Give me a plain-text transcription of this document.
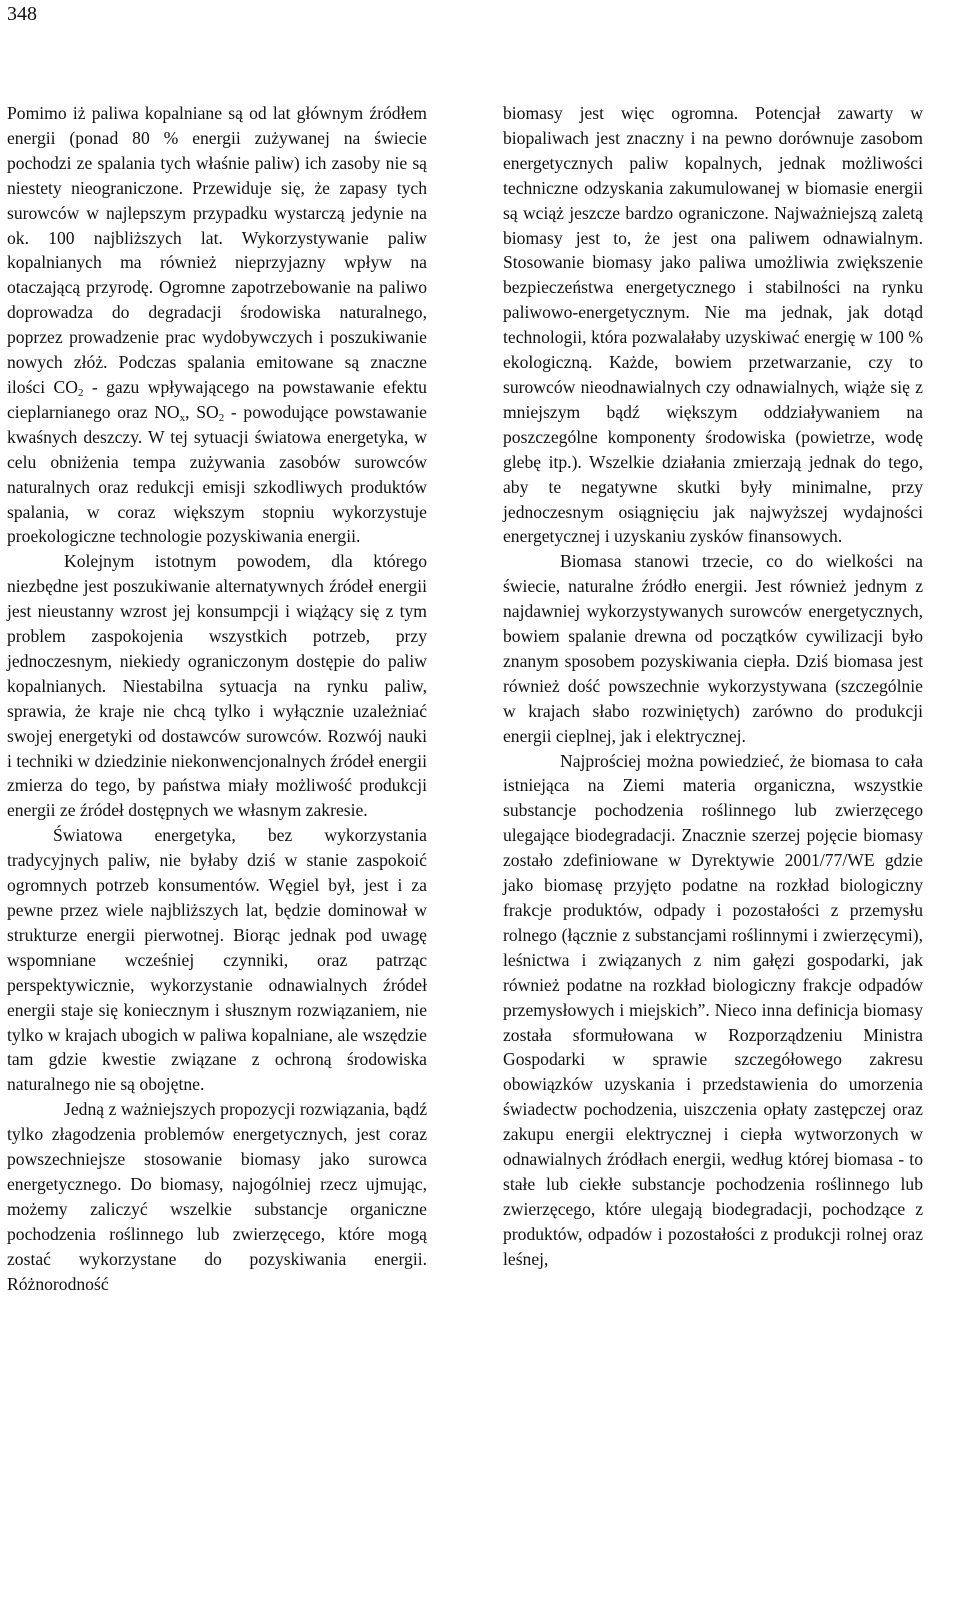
348

Pomimo iż paliwa kopalniane są od lat głównym źródłem energii (ponad 80 % energii zużywanej na świecie pochodzi ze spalania tych właśnie paliw) ich zasoby nie są niestety nieograniczone. Przewiduje się, że zapasy tych surowców w najlepszym przypadku wystarczą jedynie na ok. 100 najbliższych lat. Wykorzystywanie paliw kopalnianych ma również nieprzyjazny wpływ na otaczającą przyrodę. Ogromne zapotrzebowanie na paliwo doprowadza do degradacji środowiska naturalnego, poprzez prowadzenie prac wydobywczych i poszukiwanie nowych złóż. Podczas spalania emitowane są znaczne ilości $CO_2$ - gazu wpływającego na powstawanie efektu cieplarnianego oraz $NO_x$, $SO_2$ - powodujące powstawanie kwaśnych deszczy. W tej sytuacji światowa energetyka, w celu obniżenia tempa zużywania zasobów surowców naturalnych oraz redukcji emisji szkodliwych produktów spalania, w coraz większym stopniu wykorzystuje proekologiczne technologie pozyskiwania energii.

Kolejnym istotnym powodem, dla którego niezbędne jest poszukiwanie alternatywnych źródeł energii jest nieustanny wzrost jej konsumpcji i wiążący się z tym problem zaspokojenia wszystkich potrzeb, przy jednoczesnym, niekiedy ograniczonym dostępie do paliw kopalnianych. Niestabilna sytuacja na rynku paliw, sprawia, że kraje nie chcą tylko i wyłącznie uzależniać swojej energetyki od dostawców surowców. Rozwój nauki i techniki w dziedzinie niekonwencjonalnych źródeł energii zmierza do tego, by państwa miały możliwość produkcji energii ze źródeł dostępnych we własnym zakresie.

Światowa energetyka, bez wykorzystania tradycyjnych paliw, nie byłaby dziś w stanie zaspokoić ogromnych potrzeb konsumentów. Węgiel był, jest i za pewne przez wiele najbliższych lat, będzie dominował w strukturze energii pierwotnej. Biorąc jednak pod uwagę wspomniane wcześniej czynniki, oraz patrząc perspektywicznie, wykorzystanie odnawialnych źródeł energii staje się koniecznym i słusznym rozwiązaniem, nie tylko w krajach ubogich w paliwa kopalniane, ale wszędzie tam gdzie kwestie związane z ochroną środowiska naturalnego nie są obojętne.

Jedną z ważniejszych propozycji rozwiązania, bądź tylko złagodzenia problemów energetycznych, jest coraz powszechniejsze stosowanie biomasy jako surowca energetycznego. Do biomasy, najogólniej rzecz ujmując, możemy zaliczyć wszelkie substancje organiczne pochodzenia roślinnego lub zwierzęcego, które mogą zostać wykorzystane do pozyskiwania energii. Różnorodność

biomasy jest więc ogromna. Potencjał zawarty w biopaliwach jest znaczny i na pewno dorównuje zasobom energetycznych paliw kopalnych, jednak możliwości techniczne odzyskania zakumulowanej w biomasie energii są wciąż jeszcze bardzo ograniczone. Najważniejszą zaletą biomasy jest to, że jest ona paliwem odnawialnym. Stosowanie biomasy jako paliwa umożliwia zwiększenie bezpieczeństwa energetycznego i stabilności na rynku paliwowo-energetycznym. Nie ma jednak, jak dotąd technologii, która pozwalałaby uzyskiwać energię w 100 % ekologiczną. Każde, bowiem przetwarzanie, czy to surowców nieodnawialnych czy odnawialnych, wiąże się z mniejszym bądź większym oddziaływaniem na poszczególne komponenty środowiska (powietrze, wodę glebę itp.). Wszelkie działania zmierzają jednak do tego, aby te negatywne skutki były minimalne, przy jednoczesnym osiągnięciu jak najwyższej wydajności energetycznej i uzyskaniu zysków finansowych.

Biomasa stanowi trzecie, co do wielkości na świecie, naturalne źródło energii. Jest również jednym z najdawniej wykorzystywanych surowców energetycznych, bowiem spalanie drewna od początków cywilizacji było znanym sposobem pozyskiwania ciepła. Dziś biomasa jest również dość powszechnie wykorzystywana (szczególnie w krajach słabo rozwiniętych) zarówno do produkcji energii cieplnej, jak i elektrycznej.

Najprościej można powiedzieć, że biomasa to cała istniejąca na Ziemi materia organiczna, wszystkie substancje pochodzenia roślinnego lub zwierzęcego ulegające biodegradacji. Znacznie szerzej pojęcie biomasy zostało zdefiniowane w Dyrektywie 2001/77/WE gdzie jako biomasę przyjęto podatne na rozkład biologiczny frakcje produktów, odpady i pozostałości z przemysłu rolnego (łącznie z substancjami roślinnymi i zwierzęcymi), leśnictwa i związanych z nim gałęzi gospodarki, jak również podatne na rozkład biologiczny frakcje odpadów przemysłowych i miejskich”. Nieco inna definicja biomasy została sformułowana w Rozporządzeniu Ministra Gospodarki w sprawie szczegółowego zakresu obowiązków uzyskania i przedstawienia do umorzenia świadectw pochodzenia, uiszczenia opłaty zastępczej oraz zakupu energii elektrycznej i ciepła wytworzonych w odnawialnych źródłach energii, według której biomasa - to stałe lub ciekłe substancje pochodzenia roślinnego lub zwierzęcego, które ulegają biodegradacji, pochodzące z produktów, odpadów i pozostałości z produkcji rolnej oraz leśnej,
